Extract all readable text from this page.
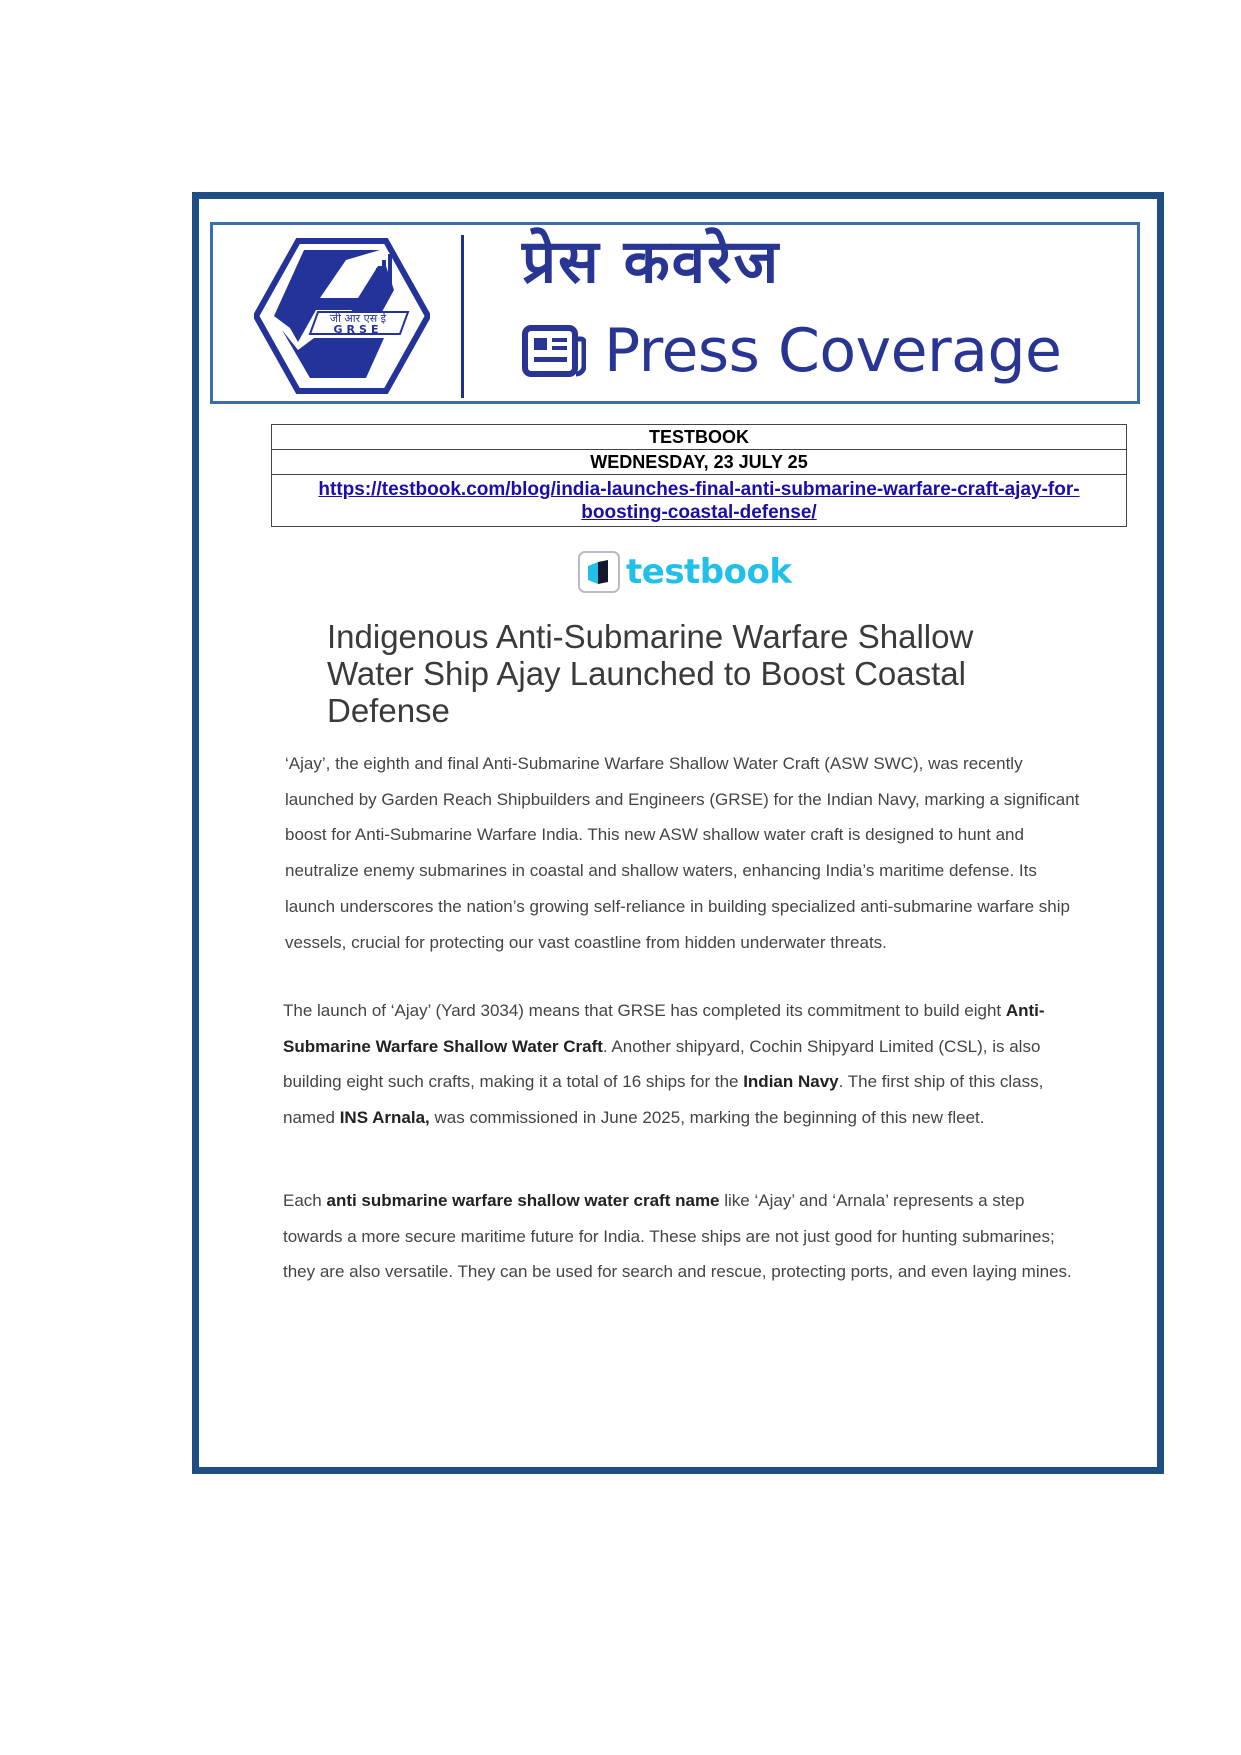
जी आर एस ई
GRSE
प्रेस कवरेज
Press Coverage
TESTBOOK
WEDNESDAY, 23 JULY 25
https://testbook.com/blog/india-launches-final-anti-submarine-warfare-craft-ajay-for-boosting-coastal-defense/
testbook
Indigenous Anti-Submarine Warfare Shallow Water Ship Ajay Launched to Boost Coastal Defense

‘Ajay’, the eighth and final Anti-Submarine Warfare Shallow Water Craft (ASW SWC), was recently launched by Garden Reach Shipbuilders and Engineers (GRSE) for the Indian Navy, marking a significant boost for Anti-Submarine Warfare India. This new ASW shallow water craft is designed to hunt and neutralize enemy submarines in coastal and shallow waters, enhancing India’s maritime defense. Its launch underscores the nation’s growing self-reliance in building specialized anti-submarine warfare ship vessels, crucial for protecting our vast coastline from hidden underwater threats.

The launch of ‘Ajay’ (Yard 3034) means that GRSE has completed its commitment to build eight Anti-Submarine Warfare Shallow Water Craft. Another shipyard, Cochin Shipyard Limited (CSL), is also building eight such crafts, making it a total of 16 ships for the Indian Navy. The first ship of this class, named INS Arnala, was commissioned in June 2025, marking the beginning of this new fleet.

Each anti submarine warfare shallow water craft name like ‘Ajay’ and ‘Arnala’ represents a step towards a more secure maritime future for India. These ships are not just good for hunting submarines; they are also versatile. They can be used for search and rescue, protecting ports, and even laying mines.
